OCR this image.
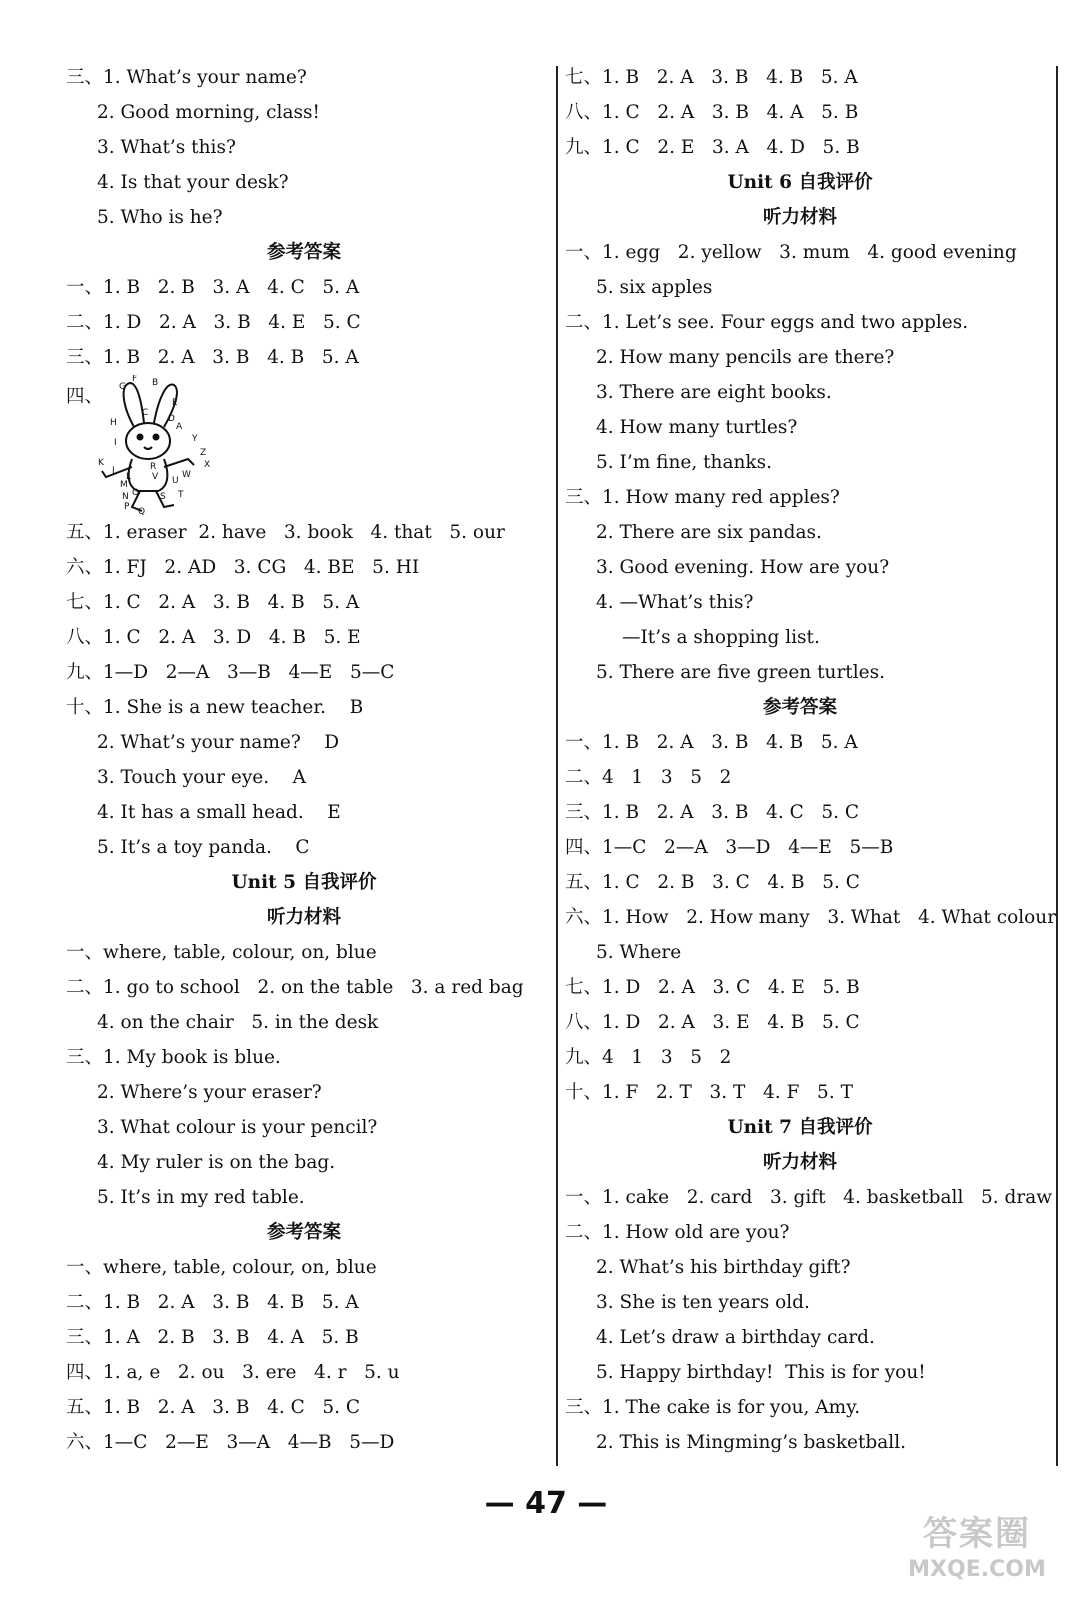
三、1. What’s your name?
2. Good morning, class!
3. What’s this?
4. Is that your desk?
5. Who is he?
参考答案
一、1. B   2. B   3. A   4. C   5. A
二、1. D   2. A   3. B   4. E   5. C
三、1. B   2. A   3. B   4. B   5. A
四、
F
G	B
E
H	A
D
I	Y
Z
K	X
J
L
M
W
U
V
N O S T
P
R
Q
C
五、1. eraser  2. have   3. book   4. that   5. our
六、1. FJ   2. AD   3. CG   4. BE   5. HI
七、1. C   2. A   3. B   4. B   5. A
八、1. C   2. A   3. D   4. B   5. E
九、1—D   2—A   3—B   4—E   5—C
十、1. She is a new teacher.    B
2. What’s your name?    D
3. Touch your eye.    A
4. It has a small head.    E
5. It’s a toy panda.    C
Unit 5 自我评价
听力材料
一、where, table, colour, on, blue
二、1. go to school   2. on the table   3. a red bag
4. on the chair   5. in the desk
三、1. My book is blue.
2. Where’s your eraser?
3. What colour is your pencil?
4. My ruler is on the bag.
5. It’s in my red table.
参考答案
一、where, table, colour, on, blue
二、1. B   2. A   3. B   4. B   5. A
三、1. A   2. B   3. B   4. A   5. B
四、1. a, e   2. ou   3. ere   4. r   5. u
五、1. B   2. A   3. B   4. C   5. C
六、1—C   2—E   3—A   4—B   5—D
七、1. B   2. A   3. B   4. B   5. A
八、1. C   2. A   3. B   4. A   5. B
九、1. C   2. E   3. A   4. D   5. B
Unit 6 自我评价
听力材料
一、1. egg   2. yellow   3. mum   4. good evening
5. six apples
二、1. Let’s see. Four eggs and two apples.
2. How many pencils are there?
3. There are eight books.
4. How many turtles?
5. I’m fine, thanks.
三、1. How many red apples?
2. There are six pandas.
3. Good evening. How are you?
4. —What’s this?
—It’s a shopping list.
5. There are five green turtles.
参考答案
一、1. B   2. A   3. B   4. B   5. A
二、4   1   3   5   2
三、1. B   2. A   3. B   4. C   5. C
四、1—C   2—A   3—D   4—E   5—B
五、1. C   2. B   3. C   4. B   5. C
六、1. How   2. How many   3. What   4. What colour
5. Where
七、1. D   2. A   3. C   4. E   5. B
八、1. D   2. A   3. E   4. B   5. C
九、4   1   3   5   2
十、1. F   2. T   3. T   4. F   5. T
Unit 7 自我评价
听力材料
一、1. cake   2. card   3. gift   4. basketball   5. draw
二、1. How old are you?
2. What’s his birthday gift?
3. She is ten years old.
4. Let’s draw a birthday card.
5. Happy birthday!  This is for you!
三、1. The cake is for you, Amy.
2. This is Mingming’s basketball.
— 47 —
答案圈
MXQE.COM
